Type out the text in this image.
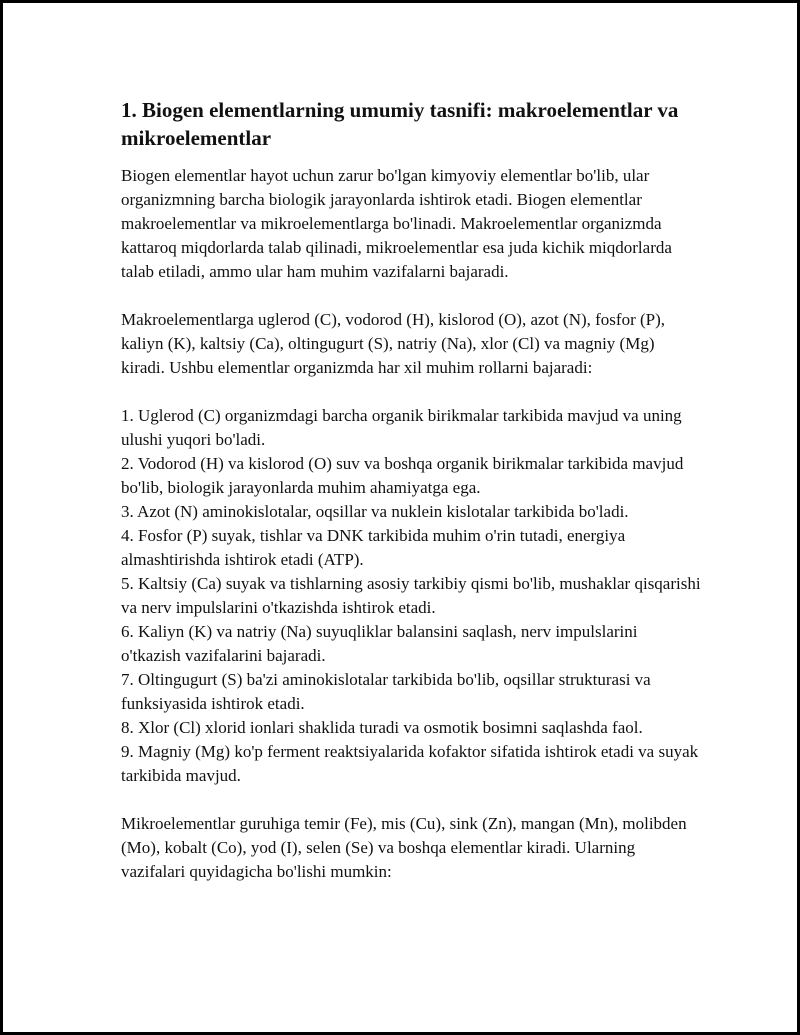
1. Biogen elementlarning umumiy tasnifi: makroelementlar va mikroelementlar

Biogen elementlar hayot uchun zarur bo'lgan kimyoviy elementlar bo'lib, ular organizmning barcha biologik jarayonlarda ishtirok etadi. Biogen elementlar makroelementlar va mikroelementlarga bo'linadi. Makroelementlar organizmda kattaroq miqdorlarda talab qilinadi, mikroelementlar esa juda kichik miqdorlarda talab etiladi, ammo ular ham muhim vazifalarni bajaradi.

Makroelementlarga uglerod (C), vodorod (H), kislorod (O), azot (N), fosfor (P), kaliyn (K), kaltsiy (Ca), oltingugurt (S), natriy (Na), xlor (Cl) va magniy (Mg) kiradi. Ushbu elementlar organizmda har xil muhim rollarni bajaradi:

1. Uglerod (C) organizmdagi barcha organik birikmalar tarkibida mavjud va uning ulushi yuqori bo'ladi.

2. Vodorod (H) va kislorod (O) suv va boshqa organik birikmalar tarkibida mavjud bo'lib, biologik jarayonlarda muhim ahamiyatga ega.

3. Azot (N) aminokislotalar, oqsillar va nuklein kislotalar tarkibida bo'ladi.

4. Fosfor (P) suyak, tishlar va DNK tarkibida muhim o'rin tutadi, energiya almashtirishda ishtirok etadi (ATP).

5. Kaltsiy (Ca) suyak va tishlarning asosiy tarkibiy qismi bo'lib, mushaklar qisqarishi va nerv impulslarini o'tkazishda ishtirok etadi.

6. Kaliyn (K) va natriy (Na) suyuqliklar balansini saqlash, nerv impulslarini o'tkazish vazifalarini bajaradi.

7. Oltingugurt (S) ba'zi aminokislotalar tarkibida bo'lib, oqsillar strukturasi va funksiyasida ishtirok etadi.

8. Xlor (Cl) xlorid ionlari shaklida turadi va osmotik bosimni saqlashda faol.

9. Magniy (Mg) ko'p ferment reaktsiyalarida kofaktor sifatida ishtirok etadi va suyak tarkibida mavjud.

Mikroelementlar guruhiga temir (Fe), mis (Cu), sink (Zn), mangan (Mn), molibden (Mo), kobalt (Co), yod (I), selen (Se) va boshqa elementlar kiradi. Ularning vazifalari quyidagicha bo'lishi mumkin:
